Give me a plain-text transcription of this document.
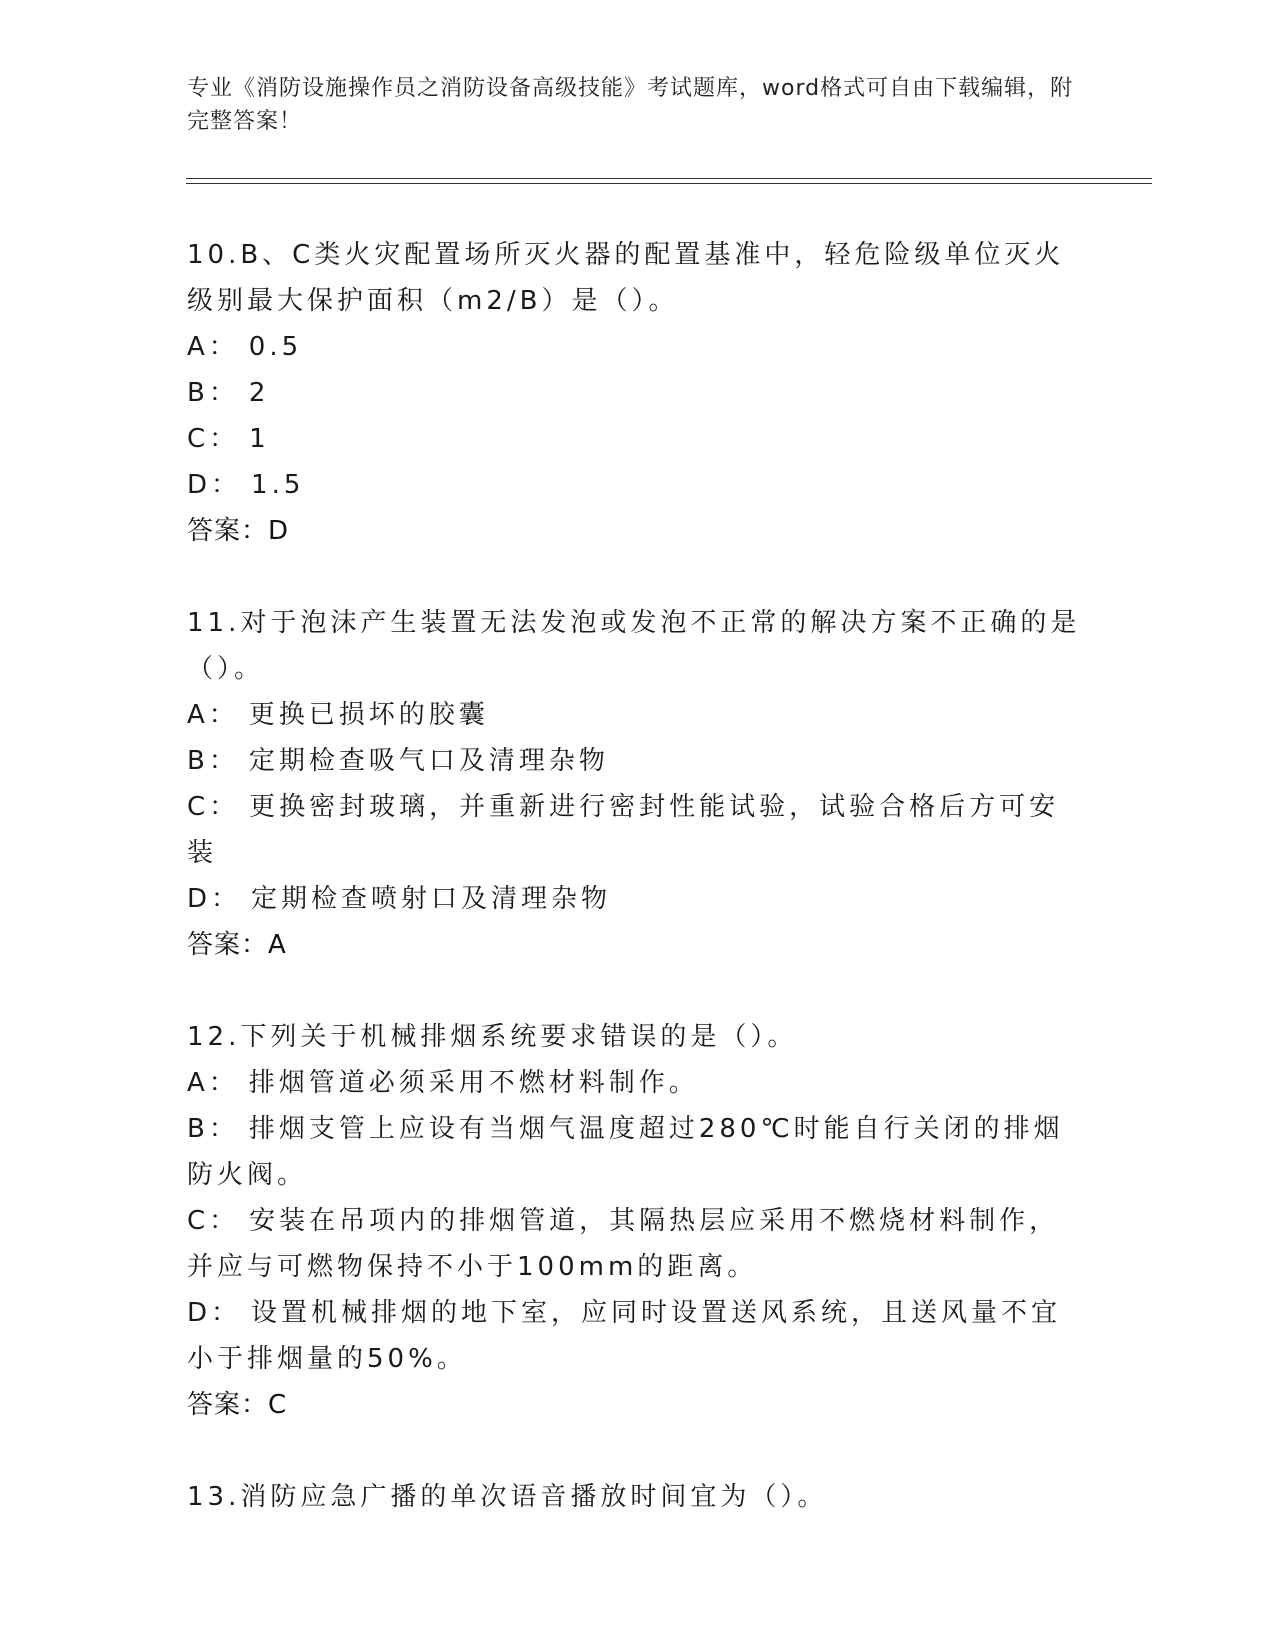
专业《消防设施操作员之消防设备高级技能》考试题库，word格式可自由下载编辑，附完整答案！
10.B、C类火灾配置场所灭火器的配置基准中，轻危险级单位灭火级别最大保护面积（m2/B）是（）。
A： 0.5
B： 2
C： 1
D： 1.5
答案：D
11.对于泡沫产生装置无法发泡或发泡不正常的解决方案不正确的是（）。
A： 更换已损坏的胶囊
B： 定期检查吸气口及清理杂物
C： 更换密封玻璃，并重新进行密封性能试验，试验合格后方可安装
D： 定期检查喷射口及清理杂物
答案：A
12.下列关于机械排烟系统要求错误的是（）。
A： 排烟管道必须采用不燃材料制作。
B： 排烟支管上应设有当烟气温度超过280℃时能自行关闭的排烟防火阀。
C： 安装在吊项内的排烟管道，其隔热层应采用不燃烧材料制作，并应与可燃物保持不小于100mm的距离。
D： 设置机械排烟的地下室，应同时设置送风系统，且送风量不宜小于排烟量的50%。
答案：C
13.消防应急广播的单次语音播放时间宜为（）。
